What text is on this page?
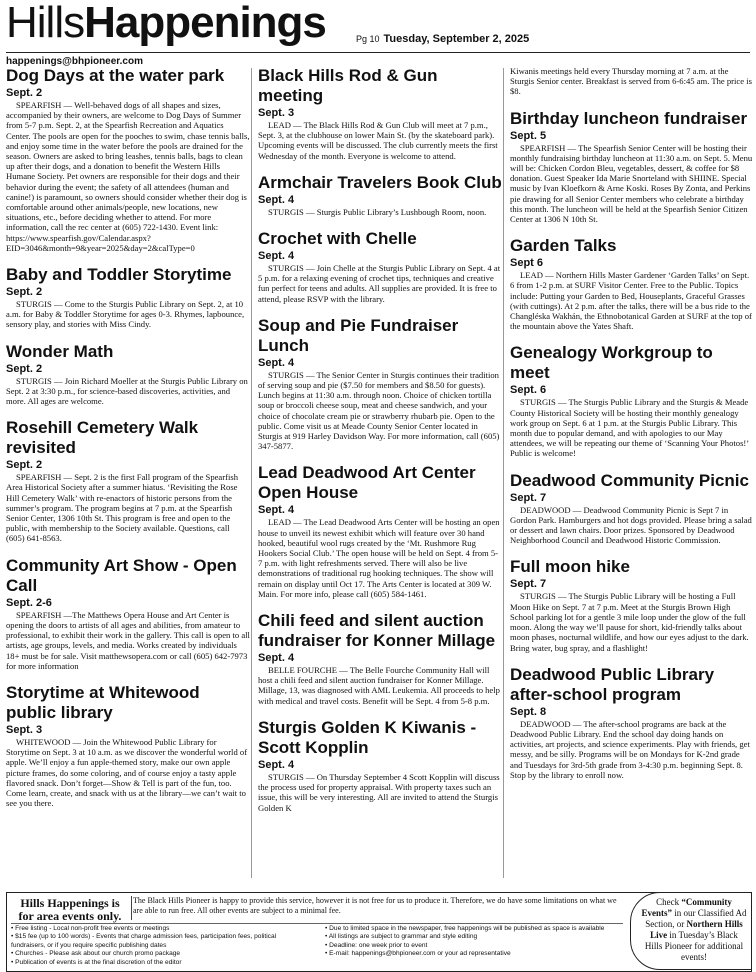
HillsHappenings	Pg 10 Tuesday, September 2, 2025
happenings@bhpioneer.com
Dog Days at the water park

Sept. 2

SPEARFISH — Well-behaved dogs of all shapes and sizes, accompanied by their owners, are welcome to Dog Days of Summer from 5-7 p.m. Sept. 2, at the Spearfish Recreation and Aquatics Center. The pools are open for the pooches to swim, chase tennis balls, and enjoy some time in the water before the pools are drained for the season. Owners are asked to bring leashes, tennis balls, bags to clean up after their dogs, and a donation to benefit the Western Hills Humane Society. Pet owners are responsible for their dogs and their behavior during the event; the safety of all attendees (human and canine!) is paramount, so owners should consider whether their dog is comfortable around other animals/people, new locations, new situations, etc., before deciding whether to attend. For more information, call the rec center at (605) 722-1430. Event link: https://www.spearfish.gov/Calendar.aspx?EID=3046&month=9&year=2025&day=2&calType=0

Baby and Toddler Storytime

Sept. 2

STURGIS — Come to the Sturgis Public Library on Sept. 2, at 10 a.m. for Baby & Toddler Storytime for ages 0-3. Rhymes, lapbounce, sensory play, and stories with Miss Cindy.

Wonder Math

Sept. 2

STURGIS — Join Richard Moeller at the Sturgis Public Library on Sept. 2 at 3:30 p.m., for science-based discoveries, activities, and more. All ages are welcome.

Rosehill Cemetery Walk revisited

Sept. 2

SPEARFISH — Sept. 2 is the first Fall program of the Spearfish Area Historical Society after a summer hiatus. ‘Revisiting the Rose Hill Cemetery Walk’ with re-enactors of historic persons from the summer’s program. The program begins at 7 p.m. at the Spearfish Senior Center, 1306 10th St. This program is free and open to the public, with membership to the Society available. Questions, call (605) 641-8563.

Community Art Show - Open Call

Sept. 2-6

SPEARFISH —The Matthews Opera House and Art Center is opening the doors to artists of all ages and abilities, from amateur to professional, to exhibit their work in the gallery. This call is open to all artists, age groups, levels, and media. Works created by individuals 18+ must be for sale. Visit matthewsopera.com or call (605) 642-7973 for more information

Storytime at Whitewood public library

Sept. 3

WHITEWOOD — Join the Whitewood Public Library for Storytime on Sept. 3 at 10 a.m. as we discover the wonderful world of apple. We’ll enjoy a fun apple-themed story, make our own apple picture frames, do some coloring, and of course enjoy a tasty apple flavored snack. Don’t forget—Show & Tell is part of the fun, too. Come learn, create, and snack with us at the library—we can’t wait to see you there.

Black Hills Rod & Gun meeting

Sept. 3

LEAD — The Black Hills Rod & Gun Club will meet at 7 p.m., Sept. 3, at the clubhouse on lower Main St. (by the skateboard park). Upcoming events will be discussed. The club currently meets the first Wednesday of the month. Everyone is welcome to attend.

Armchair Travelers Book Club

Sept. 4

STURGIS — Sturgis Public Library’s Lushbough Room, noon.

Crochet with Chelle

Sept. 4

STURGIS — Join Chelle at the Sturgis Public Library on Sept. 4 at 5 p.m. for a relaxing evening of crochet tips, techniques and creative fun perfect for teens and adults. All supplies are provided. It is free to attend, please RSVP with the library.

Soup and Pie Fundraiser Lunch

Sept. 4

STURGIS — The Senior Center in Sturgis continues their tradition of serving soup and pie ($7.50 for members and $8.50 for guests). Lunch begins at 11:30 a.m. through noon. Choice of chicken tortilla soup or broccoli cheese soup, meat and cheese sandwich, and your choice of chocolate cream pie or strawberry rhubarb pie. Open to the public. Come visit us at Meade County Senior Center located in Sturgis at 919 Harley Davidson Way. For more information, call (605) 347-5877.

Lead Deadwood Art Center Open House

Sept. 4

LEAD — The Lead Deadwood Arts Center will be hosting an open house to unveil its newest exhibit which will feature over 30 hand hooked, beautiful wool rugs created by the ‘Mt. Rushmore Rug Hookers Social Club.’ The open house will be held on Sept. 4 from 5-7 p.m. with light refreshments served. There will also be live demonstrations of traditional rug hooking techniques. The show will remain on display until Oct 17. The Arts Center is located at 309 W. Main. For more info, please call (605) 584-1461.

Chili feed and silent auction fundraiser for Konner Millage

Sept. 4

BELLE FOURCHE — The Belle Fourche Community Hall will host a chili feed and silent auction fundraiser for Konner Millage. Millage, 13, was diagnosed with AML Leukemia. All proceeds to help with medical and travel costs. Benefit will be Sept. 4 from 5-8 p.m.

Sturgis Golden K Kiwanis - Scott Kopplin

Sept. 4

STURGIS — On Thursday September 4 Scott Kopplin will discuss the process used for property appraisal. With property taxes such an issue, this will be very interesting. All are invited to attend the Sturgis Golden K

Kiwanis meetings held every Thursday morning at 7 a.m. at the Sturgis Senior center. Breakfast is served from 6-6:45 am. The price is $8.

Birthday luncheon fundraiser

Sept. 5

SPEARFISH — The Spearfish Senior Center will be hosting their monthly fundraising birthday luncheon at 11:30 a.m. on Sept. 5. Menu will be: Chicken Cordon Bleu, vegetables, dessert, & coffee for $8 donation. Guest Speaker Ida Marie Snorteland with SHIINE. Special music by Ivan Kloefkorn & Arne Koski. Roses By Zonta, and Perkins pie drawing for all Senior Center members who celebrate a birthday this month. The luncheon will be held at the Spearfish Senior Citizen Center at 1306 N 10th St.

Garden Talks

Sept 6

LEAD — Northern Hills Master Gardener ‘Garden Talks’ on Sept. 6 from 1-2 p.m. at SURF Visitor Center. Free to the Public. Topics include: Putting your Garden to Bed, Houseplants, Graceful Grasses (with cuttings). At 2 p.m. after the talks, there will be a bus ride to the Changléska Wakhán, the Ethnobotanical Garden at SURF at the top of the mountain above the Yates Shaft.

Genealogy Workgroup to meet

Sept. 6

STURGIS — The Sturgis Public Library and the Sturgis & Meade County Historical Society will be hosting their monthly genealogy work group on Sept. 6 at 1 p.m. at the Sturgis Public Library. This month due to popular demand, and with apologies to our May attendees, we will be repeating our theme of ‘Scanning Your Photos!’ Public is welcome!

Deadwood Community Picnic

Sept. 7

DEADWOOD — Deadwood Community Picnic is Sept 7 in Gordon Park. Hamburgers and hot dogs provided. Please bring a salad or dessert and lawn chairs. Door prizes. Sponsored by Deadwood Neighborhood Council and Deadwood Historic Commission.

Full moon hike

Sept. 7

STURGIS — The Sturgis Public Library will be hosting a Full Moon Hike on Sept. 7 at 7 p.m. Meet at the Sturgis Brown High School parking lot for a gentle 3 mile loop under the glow of the full moon. Along the way we’ll pause for short, kid-friendly talks about moon phases, nocturnal wildlife, and how our eyes adjust to the dark. Bring water, bug spray, and a flashlight!

Deadwood Public Library after-school program

Sept. 8

DEADWOOD — The after-school programs are back at the Deadwood Public Library. End the school day doing hands on activities, art projects, and science experiments. Play with friends, get messy, and be silly. Programs will be on Mondays for K-2nd grade and Tuesdays for 3rd-5th grade from 3-4:30 p.m. beginning Sept. 8. Stop by the library to enroll now.

Hills Happenings is
for area events only.
The Black Hills Pioneer is happy to provide this service, however it is not free for us to produce it. Therefore, we do have some limitations on what we are able to run free. All other events are subject to a minimal fee.
• Free listing - Local non-profit free events or meetings
• $15 fee (up to 100 words) - Events that charge admission fees, participation fees, political fundraisers, or if you require specific publishing dates
• Churches - Please ask about our church promo package
• Publication of events is at the final discretion of the editor
• Due to limited space in the newspaper, free happenings will be published as space is available
• All listings are subject to grammar and style editing
• Deadline: one week prior to event
• E-mail: happenings@bhpioneer.com or your ad representative
Check “Community Events” in our Classified Ad Section, or Northern Hills Live in Tuesday’s Black Hills Pioneer for additional events!
